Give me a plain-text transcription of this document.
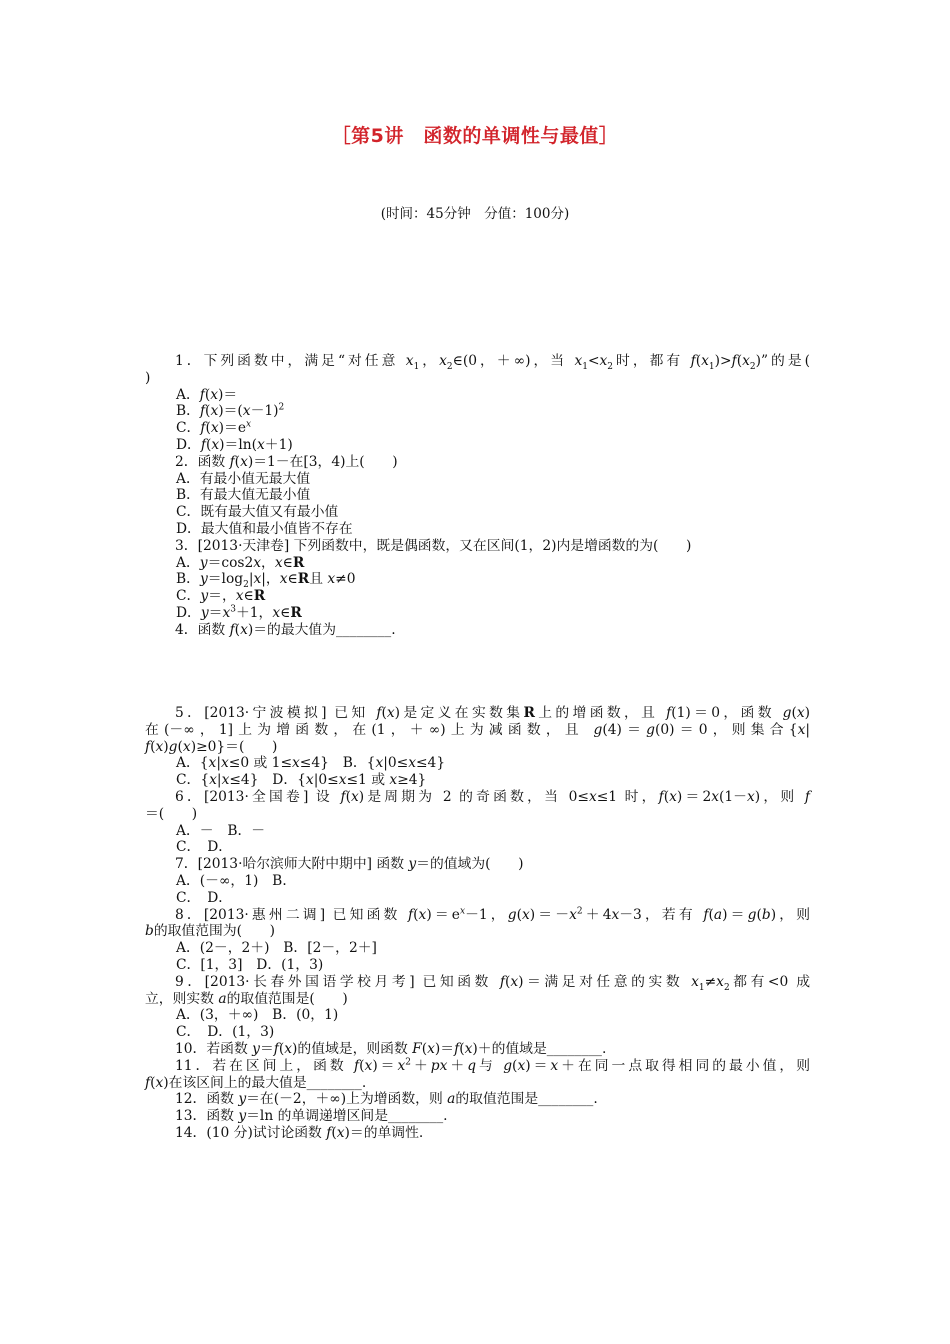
［第5讲　函数的单调性与最值］
(时间：45分钟　分值：100分)
1．下列函数中，满足“对任意 $x_1$，$x_2\in(0$，＋∞)，当 $x_1<x_2$时，都有 $f(x_1)>f(x_2)$”的是(
)
A．f(x)＝
B．$f(x)=(x-1)^2$
C．$f(x)=e^x$
D．f(x)＝ln(x＋1)
2．函数 f(x)＝1－在[3，4)上(　　)
A．有最小值无最大值
B．有最大值无最小值
C．既有最大值又有最小值
D．最大值和最小值皆不存在
3．[2013·天津卷] 下列函数中，既是偶函数，又在区间(1，2)内是增函数的为(　　)
A．y＝cos2x，x∈R
B．$y=\log_2|x|$，x∈R且 x≠0
C．y＝，x∈R
D．$y=x^3+1$，x∈R
4．函数 f(x)＝的最大值为________.
5．[2013·宁波模拟] 已知 f(x)是定义在实数集R上的增函数，且 f(1)＝0，函数 g(x)
在(－∞，1]上为增函数，在(1，＋∞)上为减函数，且 g(4)＝g(0)＝0，则集合{x|
f(x)g(x)≥0}＝(　　)
A．{x|x≤0 或 1≤x≤4}　B．{x|0≤x≤4}
C．{x|x≤4}　D．{x|0≤x≤1 或 x≥4}
6．[2013·全国卷] 设 f(x)是周期为 2 的奇函数，当 0≤x≤1 时，f(x)＝2x(1－x)，则 f
＝(　　)
A．－　B．－
C．　D．
7．[2013·哈尔滨师大附中期中] 函数 y＝的值域为(　　)
A．(－∞，1)　B．
C．　D．
8．[2013·惠州二调] 已知函数 $f(x)=e^x-1$，$g(x)=-x^2+4x-3$，若有 f(a)＝g(b)，则
b的取值范围为(　　)
A．(2－，2＋)　B．[2－，2＋]
C．[1，3]　D．(1，3)
9．[2013·长春外国语学校月考] 已知函数 f(x)＝满足对任意的实数 $x_1\ne x_2$都有<0 成
立，则实数 a的取值范围是(　　)
A．(3，＋∞)　B．(0，1)
C．　D．(1，3)
10．若函数 y＝f(x)的值域是，则函数 F(x)＝f(x)＋的值域是________.
11．若在区间上，函数 $f(x)=x^2+px+q$与 g(x)＝x＋在同一点取得相同的最小值，则
f(x)在该区间上的最大值是________.
12．函数 y＝在(－2，＋∞)上为增函数，则 a的取值范围是________.
13．函数 y＝ln 的单调递增区间是________.
14．(10 分)试讨论函数 f(x)＝的单调性.
